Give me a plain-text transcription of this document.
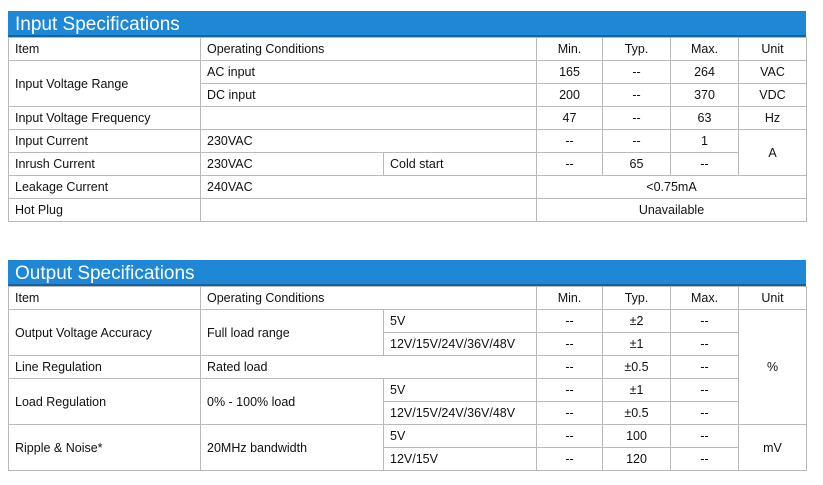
Input Specifications
Item	Operating Conditions		Min.	Typ.	Max.	Unit
Input Voltage Range	AC input		165	--	264	VAC
	DC input		200	--	370	VDC
Input Voltage Frequency			47	--	63	Hz
Input Current	230VAC		--	--	1	A
Inrush Current	230VAC	Cold start	--	65	--	
Leakage Current	240VAC		<0.75mA			
Hot Plug			Unavailable			
Output Specifications
Item	Operating Conditions		Min.	Typ.	Max.	Unit
Output Voltage Accuracy	Full load range	5V	--	±2	--	%
		12V/15V/24V/36V/48V	--	±1	--	
Line Regulation	Rated load		--	±0.5	--	
Load Regulation	0% - 100% load	5V	--	±1	--	
		12V/15V/24V/36V/48V	--	±0.5	--	
Ripple & Noise*	20MHz bandwidth	5V	--	100	--	mV
		12V/15V	--	120	--	
